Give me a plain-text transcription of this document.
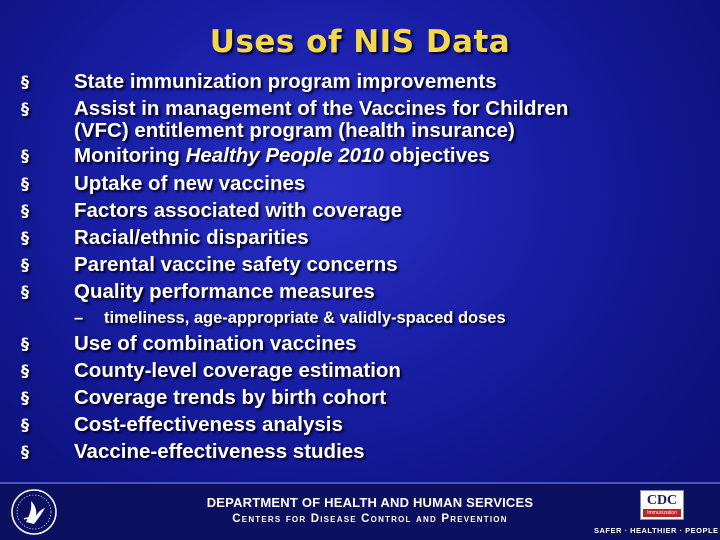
Uses of NIS Data
§ State immunization program improvements
§ Assist in management of the Vaccines for Children
(VFC) entitlement program (health insurance)
§ Monitoring Healthy People 2010 objectives
§ Uptake of new vaccines
§ Factors associated with coverage
§ Racial/ethnic disparities
§ Parental vaccine safety concerns
§ Quality performance measures
– timeliness, age-appropriate & validly-spaced doses
§ Use of combination vaccines
§ County-level coverage estimation
§ Coverage trends by birth cohort
§ Cost-effectiveness analysis
§ Vaccine-effectiveness studies
DEPARTMENT OF HEALTH AND HUMAN SERVICES
Centers for Disease Control and Prevention
CDC
Immunization
SAFER · HEALTHIER · PEOPLE
